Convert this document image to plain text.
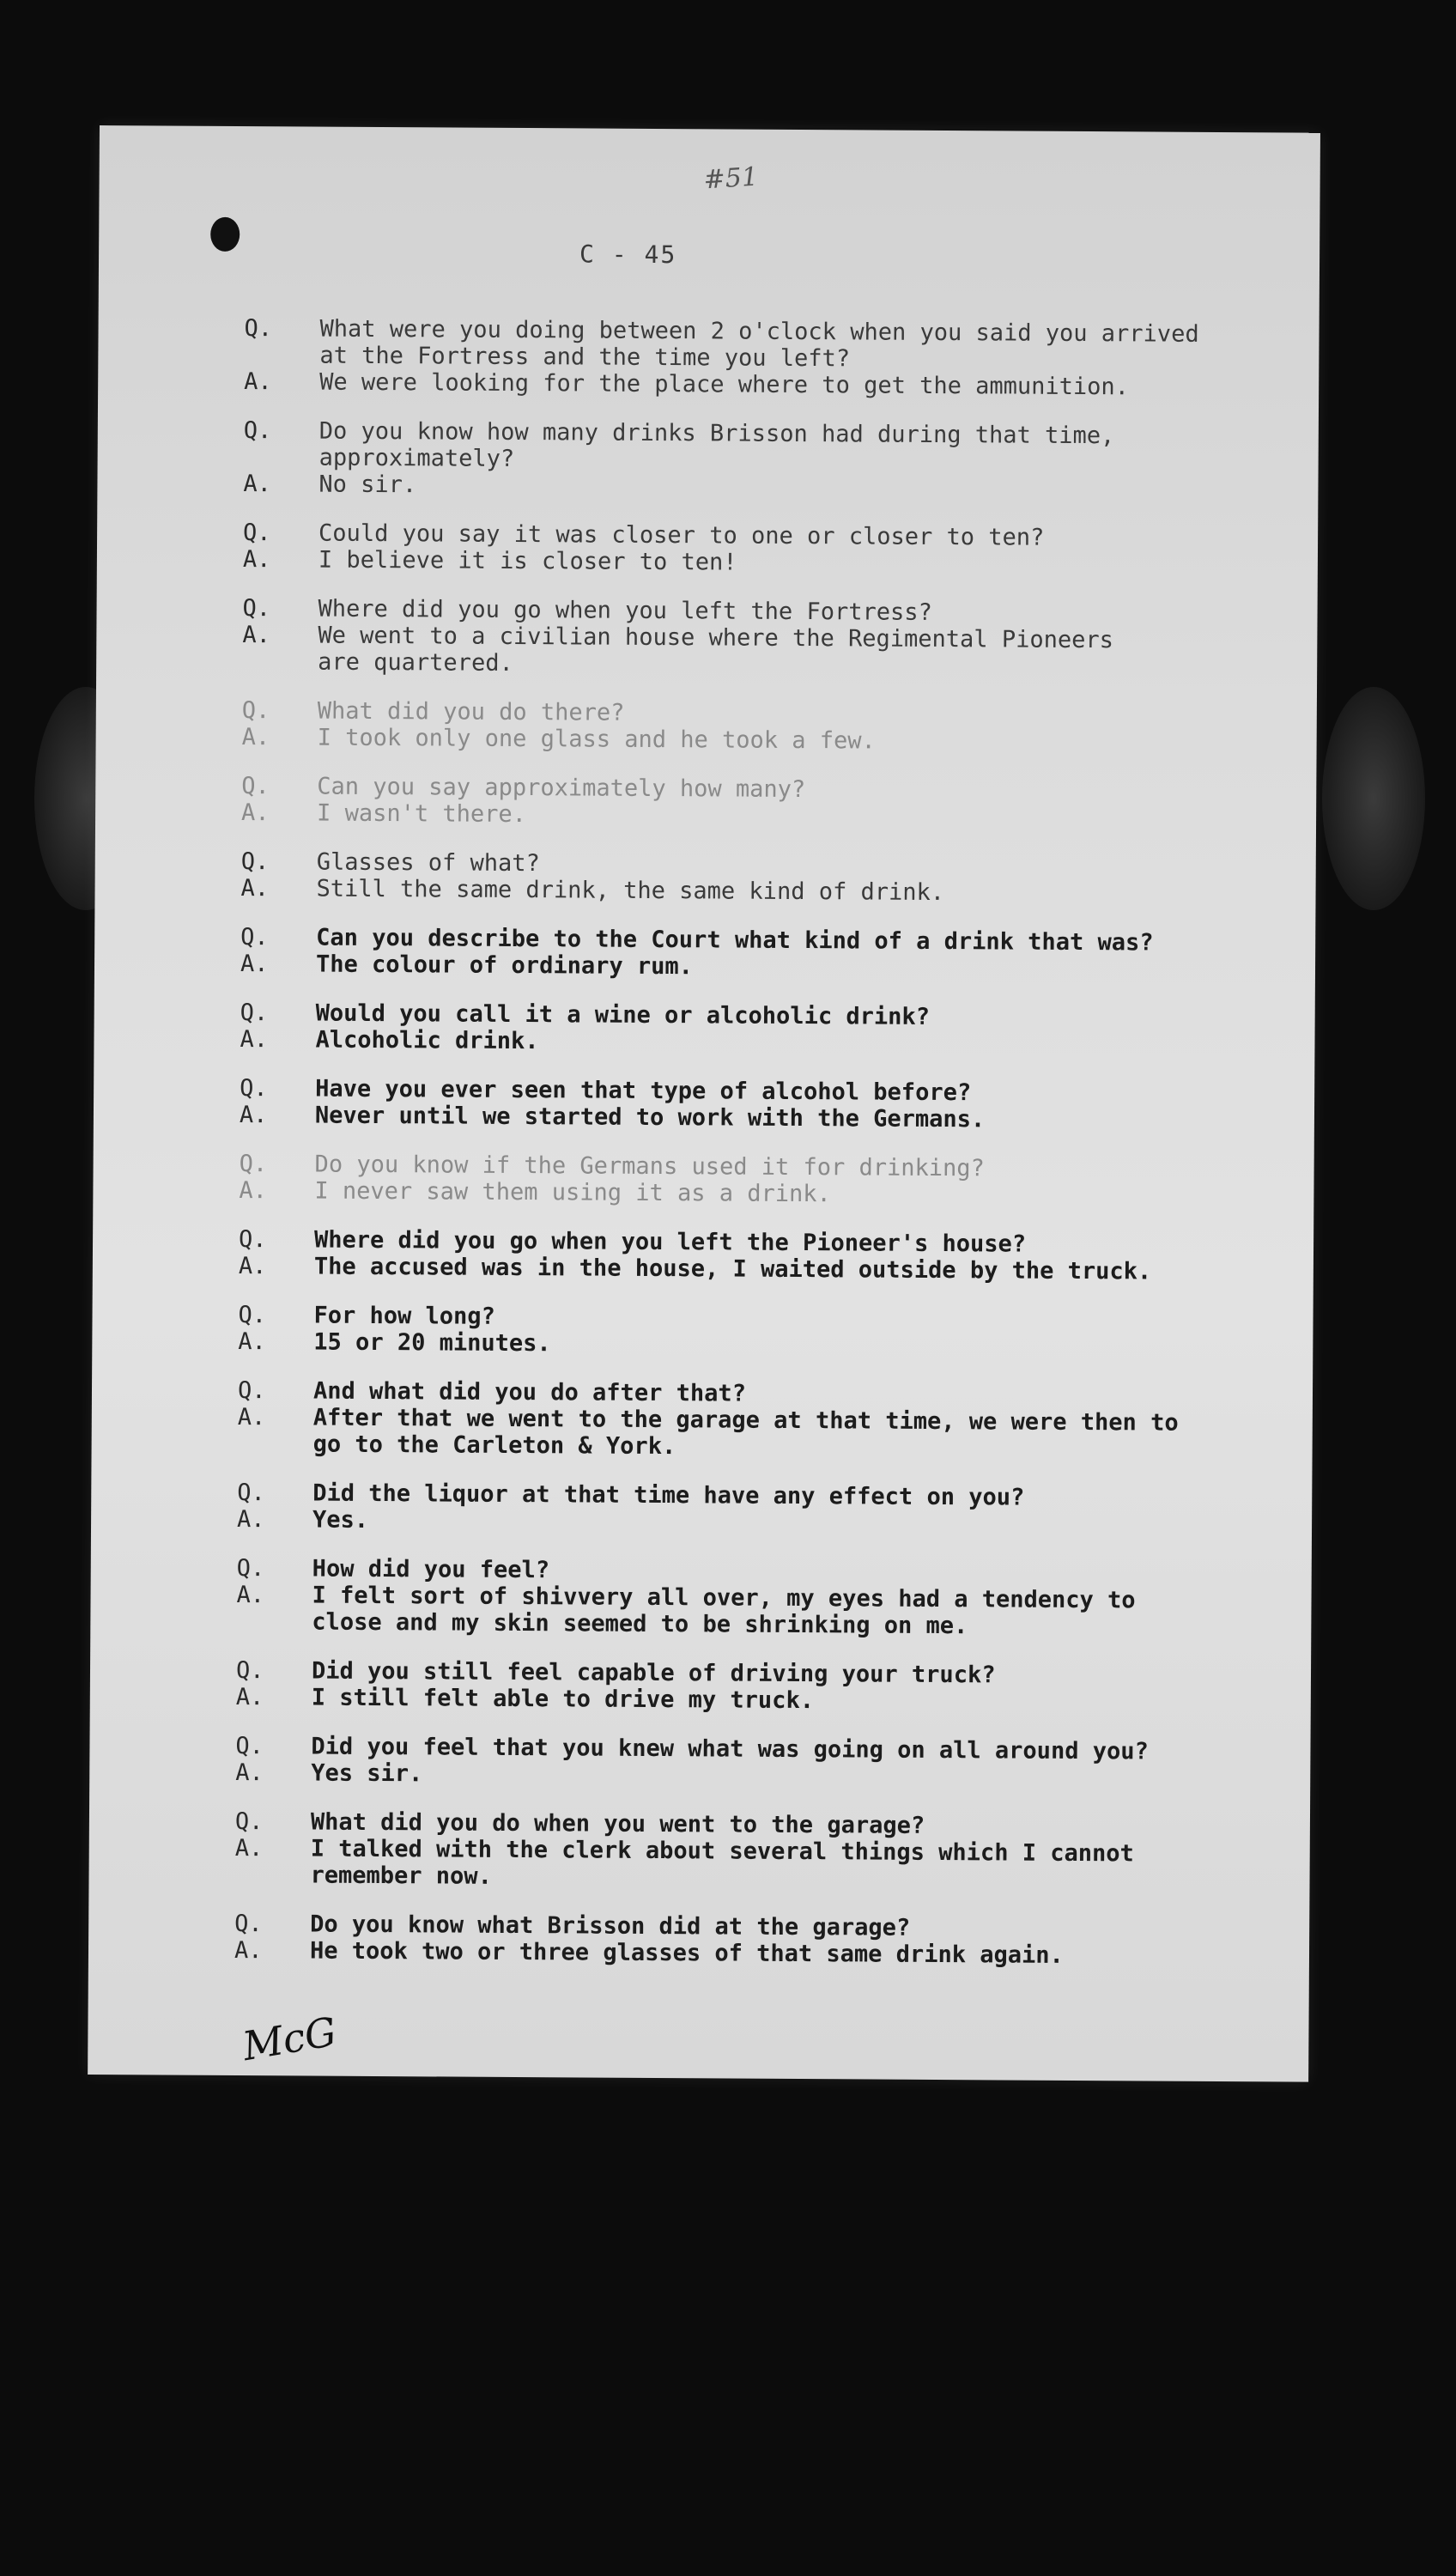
#51
C - 45
Q.	What were you doing between 2 o'clock when you said you arrived
at the Fortress and the time you left?
A.	We were looking for the place where to get the ammunition.
Q.	Do you know how many drinks Brisson had during that time,
approximately?
A.	No sir.
Q.	Could you say it was closer to one or closer to ten?
A.	I believe it is closer to ten!
Q.	Where did you go when you left the Fortress?
A.	We went to a civilian house where the Regimental Pioneers
are quartered.
Q.	What did you do there?
A.	I took only one glass and he took a few.
Q.	Can you say approximately how many?
A.	I wasn't there.
Q.	Glasses of what?
A.	Still the same drink, the same kind of drink.
Q.	Can you describe to the Court what kind of a drink that was?
A.	The colour of ordinary rum.
Q.	Would you call it a wine or alcoholic drink?
A.	Alcoholic drink.
Q.	Have you ever seen that type of alcohol before?
A.	Never until we started to work with the Germans.
Q.	Do you know if the Germans used it for drinking?
A.	I never saw them using it as a drink.
Q.	Where did you go when you left the Pioneer's house?
A.	The accused was in the house, I waited outside by the truck.
Q.	For how long?
A.	15 or 20 minutes.
Q.	And what did you do after that?
A.	After that we went to the garage at that time, we were then to
go to the Carleton & York.
Q.	Did the liquor at that time have any effect on you?
A.	Yes.
Q.	How did you feel?
A.	I felt sort of shivvery all over, my eyes had a tendency to
close and my skin seemed to be shrinking on me.
Q.	Did you still feel capable of driving your truck?
A.	I still felt able to drive my truck.
Q.	Did you feel that you knew what was going on all around you?
A.	Yes sir.
Q.	What did you do when you went to the garage?
A.	I talked with the clerk about several things which I cannot
remember now.
Q.	Do you know what Brisson did at the garage?
A.	He took two or three glasses of that same drink again.
McG
